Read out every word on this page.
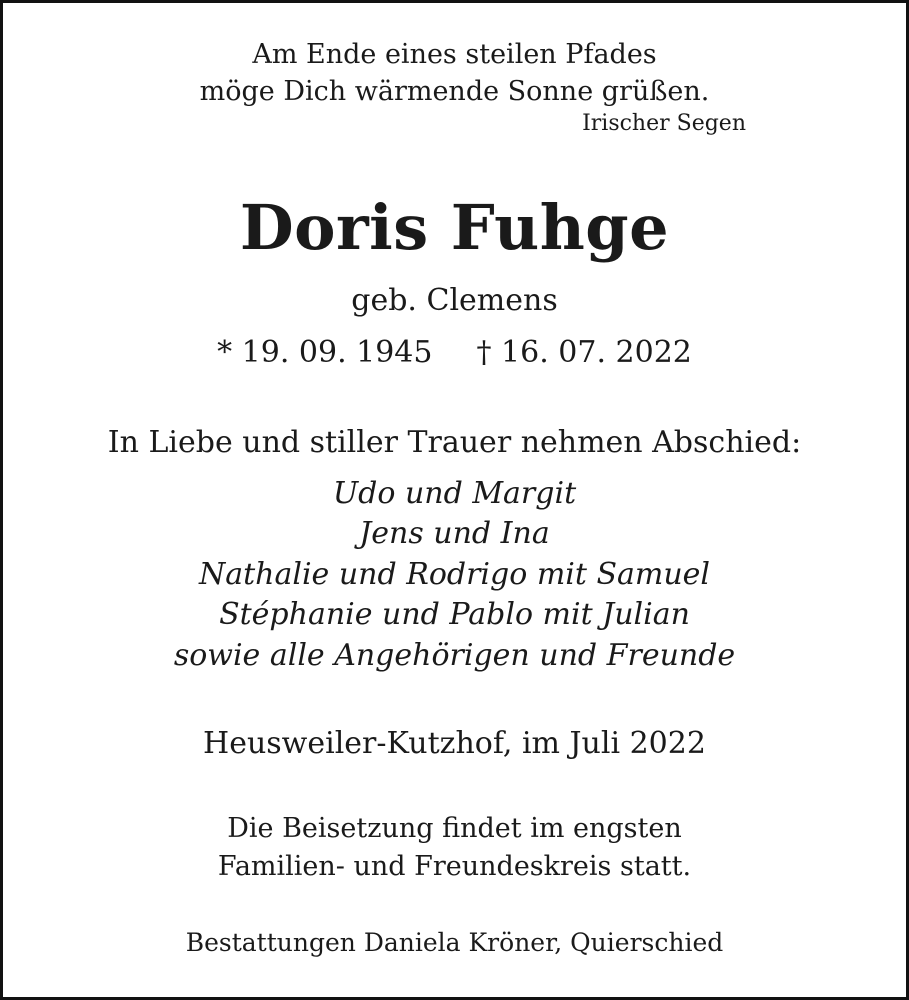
Am Ende eines steilen Pfades
möge Dich wärmende Sonne grüßen.
Irischer Segen
Doris Fuhge
geb. Clemens
* 19. 09. 1945 † 16. 07. 2022
In Liebe und stiller Trauer nehmen Abschied:
Udo und Margit
Jens und Ina
Nathalie und Rodrigo mit Samuel
Stéphanie und Pablo mit Julian
sowie alle Angehörigen und Freunde
Heusweiler-Kutzhof, im Juli 2022
Die Beisetzung findet im engsten
Familien- und Freundeskreis statt.
Bestattungen Daniela Kröner, Quierschied
